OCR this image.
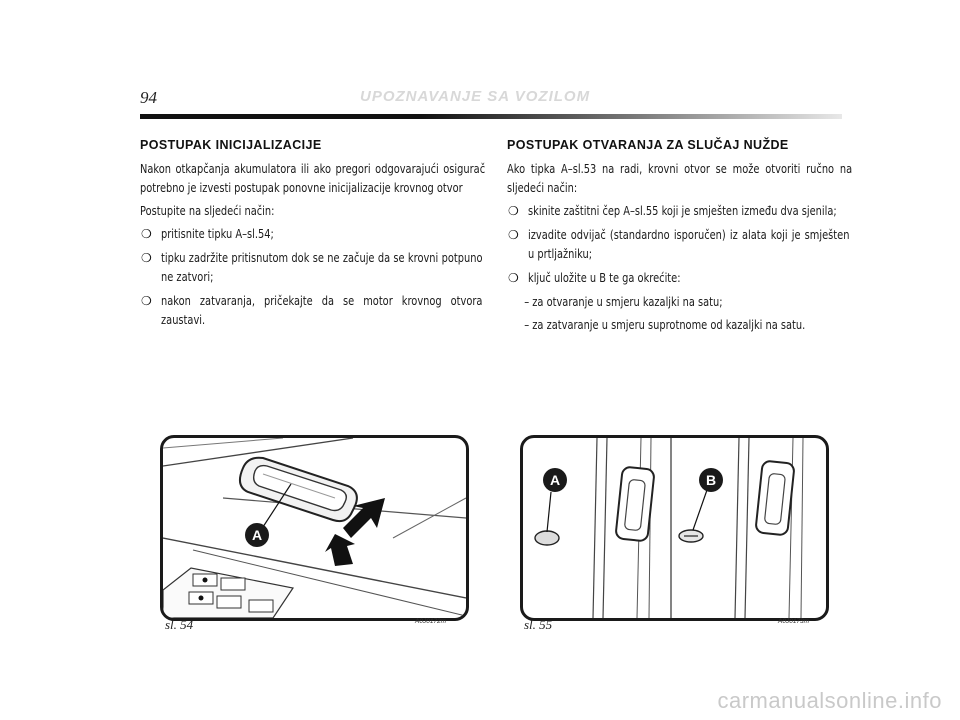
94	UPOZNAVANJE SA VOZILOM
POSTUPAK INICIJALIZACIJE

Nakon otkapčanja akumulatora ili ako pregori odgovarajući osigurač potrebno je izvesti postupak ponovne inicijalizacije krovnog otvor

Postupite na sljedeći način:

❍ pritisnite tipku A–sl.54;

❍ tipku zadržite pritisnutom dok se ne začuje da se krovni potpuno ne zatvori;

❍ nakon zatvaranja, pričekajte da se motor krovnog otvora zaustavi.

POSTUPAK OTVARANJA ZA SLUČAJ NUŽDE

Ako tipka A–sl.53 na radi, krovni otvor se može otvoriti ručno na sljedeći način:

❍ skinite zaštitni čep A–sl.55 koji je smješten između dva sjenila;

❍ izvadite odvijač (standardno isporučen) iz alata koji je smješten u prtljažniku;

❍ ključ uložite u B te ga okrećite:

– za otvaranje u smjeru kazaljki na satu;

– za zatvaranje u smjeru suprotnome od kazaljki na satu.

A
sl. 54	A0J0172m
A	B
sl. 55	A0J0173m
carmanualsonline.info
